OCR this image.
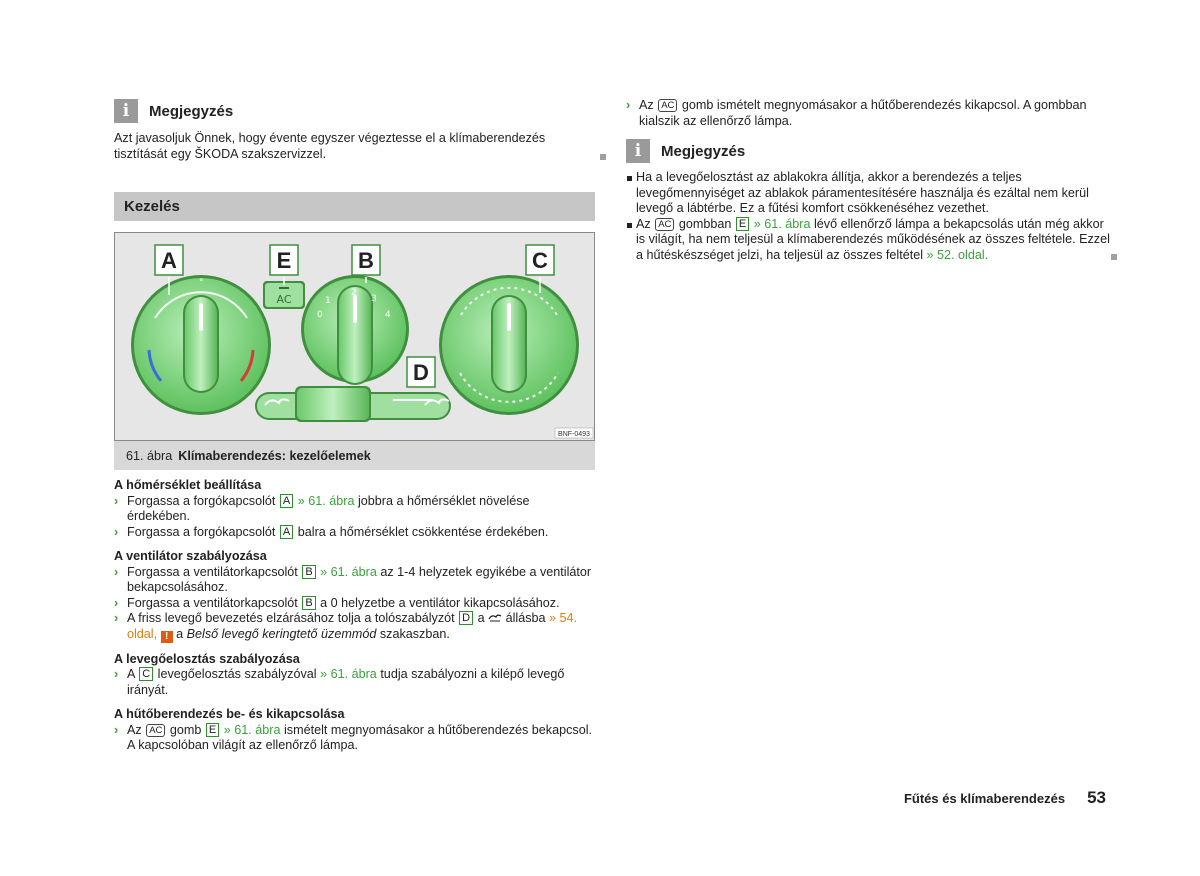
i	Megjegyzés

Azt javasoljuk Önnek, hogy évente egyszer végeztesse el a klímaberendezés tisztítását egy ŠKODA szakszervizzel.

Kezelés
°
AC
0
1
2
3
4
A	E	B	C
D
BNF-0493
61. ábra Klímaberendezés: kezelőelemek

A hőmérséklet beállítása

› Forgassa a forgókapcsolót A » 61. ábra jobbra a hőmérséklet növelése érdekében.
› Forgassa a forgókapcsolót A balra a hőmérséklet csökkentése érdekében.

A ventilátor szabályozása

› Forgassa a ventilátorkapcsolót B » 61. ábra az 1-4 helyzetek egyikébe a ventilátor bekapcsolásához.
› Forgassa a ventilátorkapcsolót B a 0 helyzetbe a ventilátor kikapcsolásához.
› A friss levegő bevezetés elzárásához tolja a tolószabályzót D a állásba » 54. oldal, ! a Belső levegő keringtető üzemmód szakaszban.

A levegőelosztás szabályozása

› A C levegőelosztás szabályzóval » 61. ábra tudja szabályozni a kilépő levegő irányát.

A hűtőberendezés be- és kikapcsolása

› Az AC gomb E » 61. ábra ismételt megnyomásakor a hűtőberendezés bekapcsol. A kapcsolóban világít az ellenőrző lámpa.
› Az AC gomb ismételt megnyomásakor a hűtőberendezés kikapcsol. A gombban kialszik az ellenőrző lámpa.
i	Megjegyzés
Ha a levegőelosztást az ablakokra állítja, akkor a berendezés a teljes levegőmennyiséget az ablakok páramentesítésére használja és ezáltal nem kerül levegő a lábtérbe. Ez a fűtési komfort csökkenéséhez vezethet.
Az AC gombban E » 61. ábra lévő ellenőrző lámpa a bekapcsolás után még akkor is világít, ha nem teljesül a klímaberendezés működésének az összes feltétele. Ezzel a hűtéskészséget jelzi, ha teljesül az összes feltétel » 52. oldal.
Fűtés és klímaberendezés 53
